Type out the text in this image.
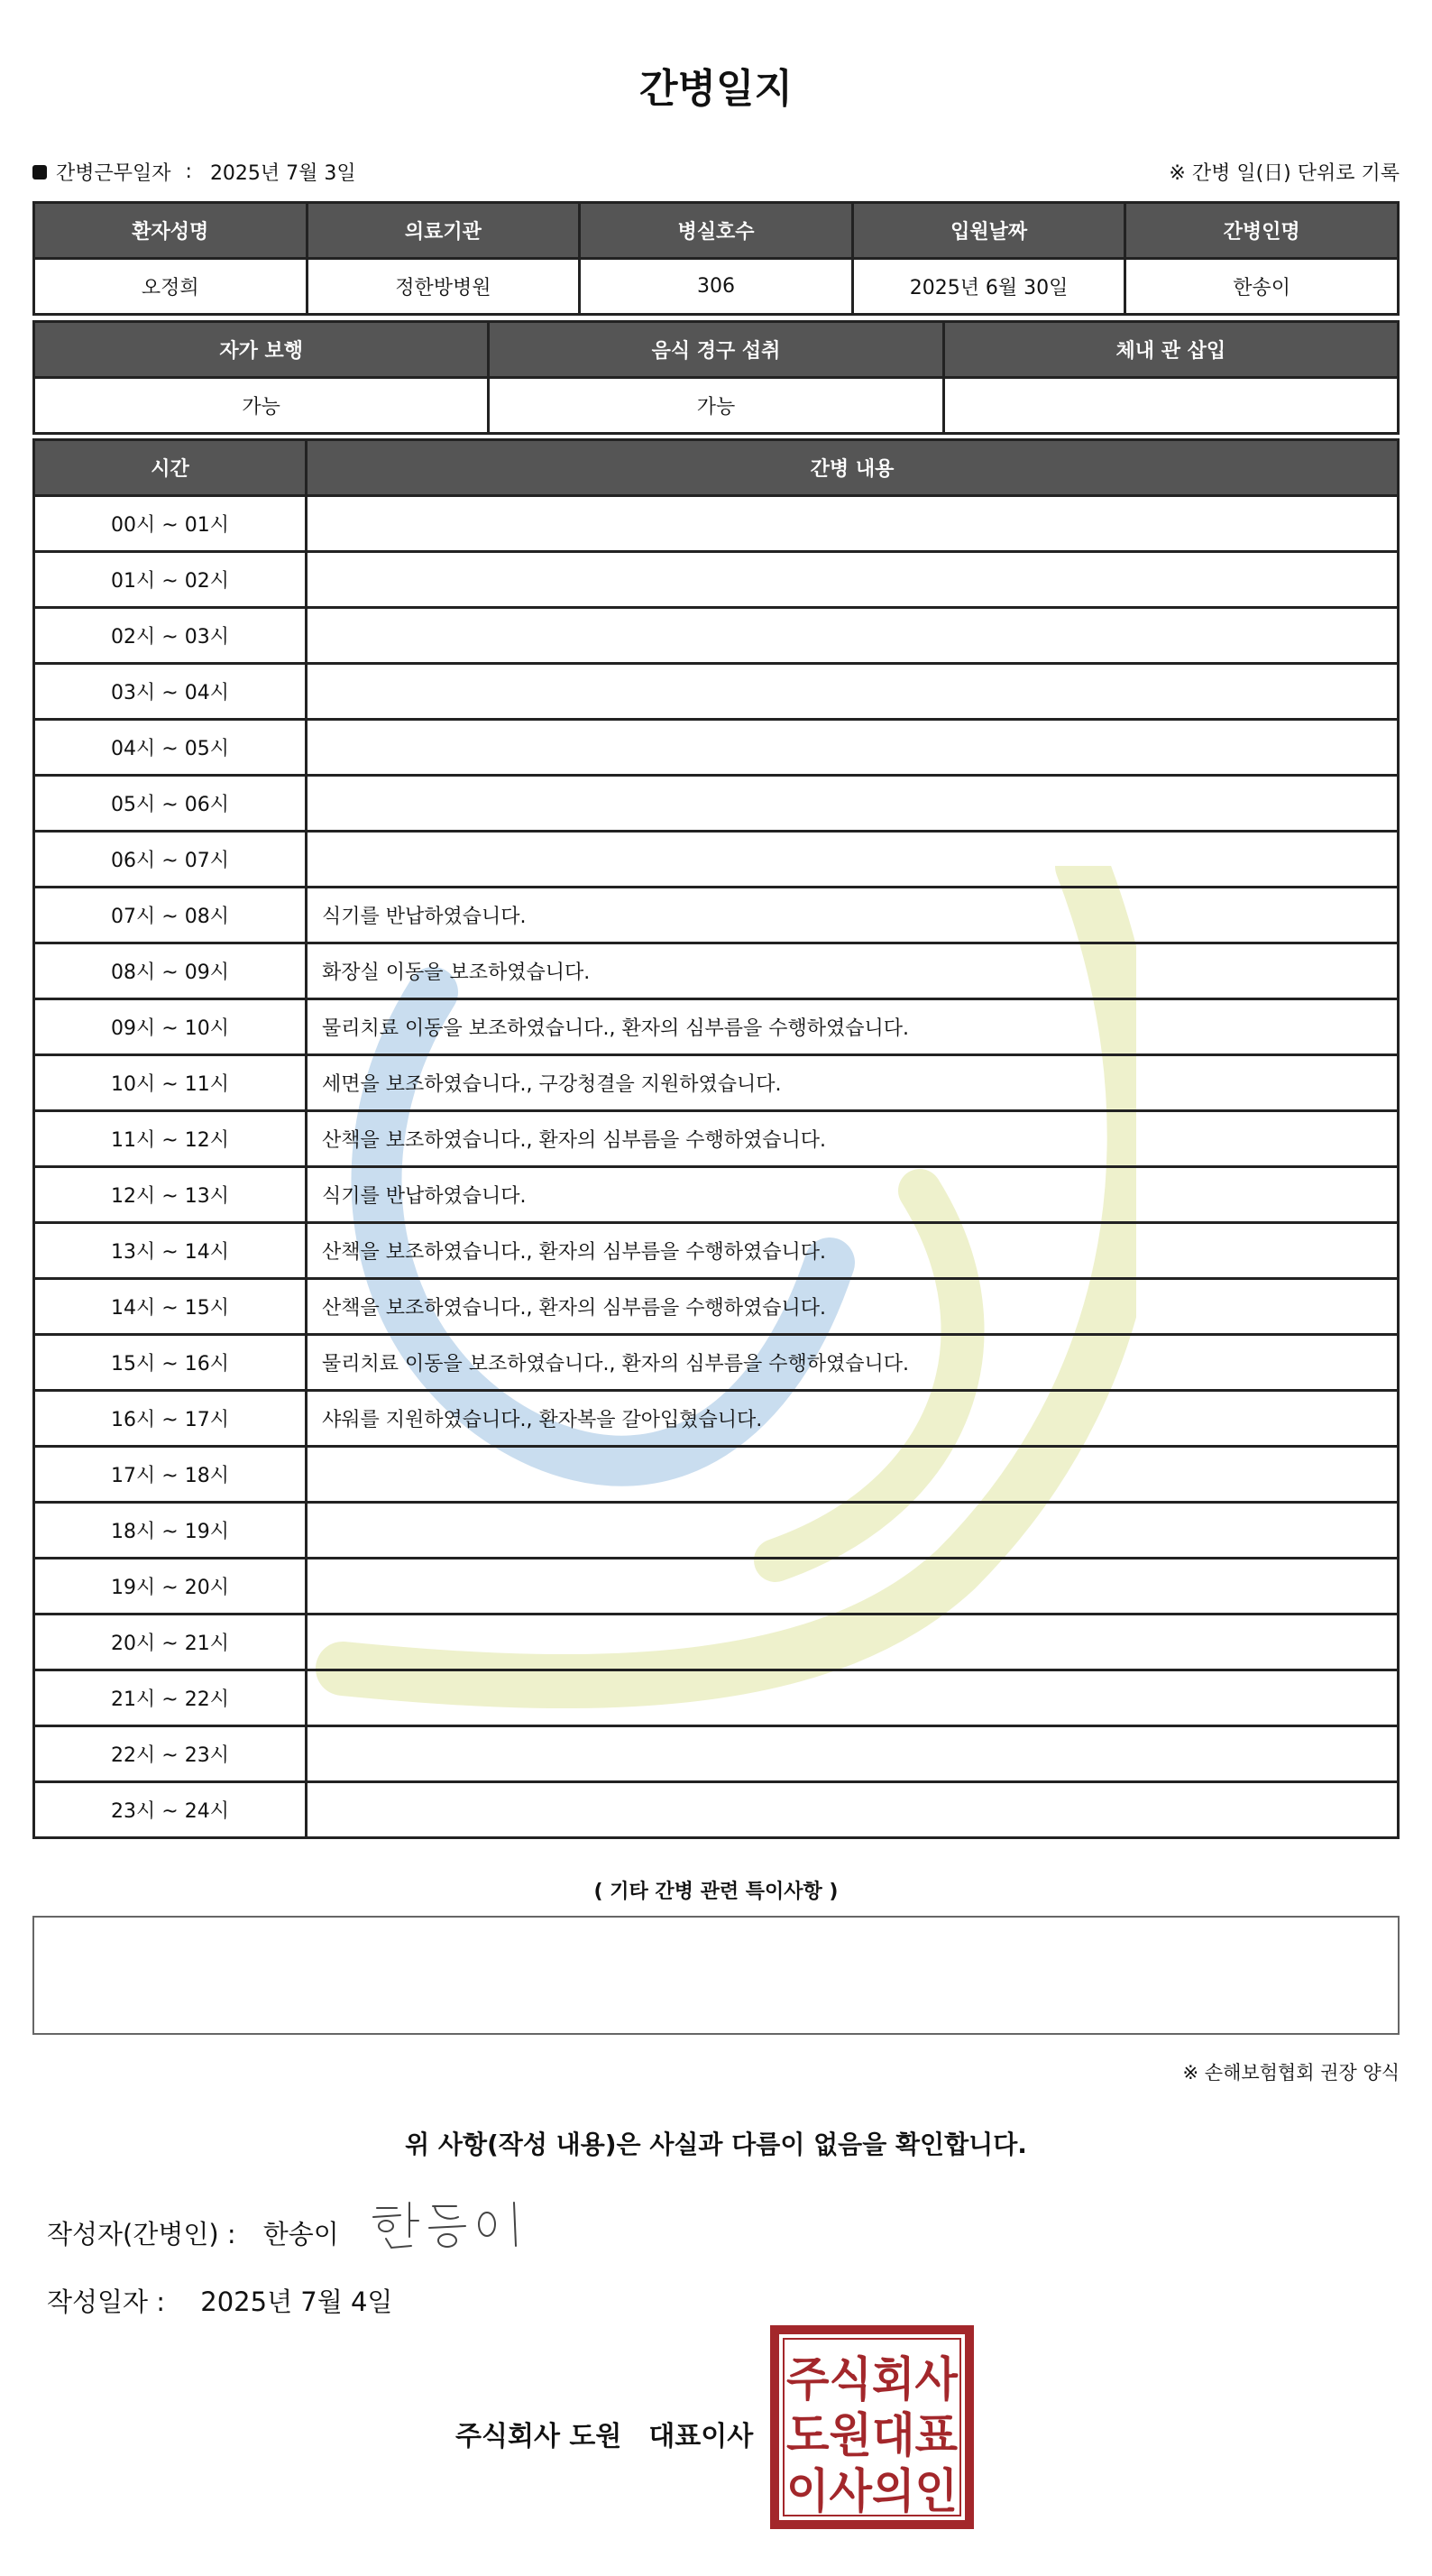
간병일지
간병근무일자 : 2025년 7월 3일	※ 간병 일(日) 단위로 기록
환자성명	의료기관	병실호수	입원날짜	간병인명
오정희	정한방병원	306	2025년 6월 30일	한송이
자가 보행	음식 경구 섭취	체내 관 삽입
가능	가능	
시간	간병 내용
00시 ~ 01시	
01시 ~ 02시	
02시 ~ 03시	
03시 ~ 04시	
04시 ~ 05시	
05시 ~ 06시	
06시 ~ 07시	
07시 ~ 08시	식기를 반납하였습니다.
08시 ~ 09시	화장실 이동을 보조하였습니다.
09시 ~ 10시	물리치료 이동을 보조하였습니다., 환자의 심부름을 수행하였습니다.
10시 ~ 11시	세면을 보조하였습니다., 구강청결을 지원하였습니다.
11시 ~ 12시	산책을 보조하였습니다., 환자의 심부름을 수행하였습니다.
12시 ~ 13시	식기를 반납하였습니다.
13시 ~ 14시	산책을 보조하였습니다., 환자의 심부름을 수행하였습니다.
14시 ~ 15시	산책을 보조하였습니다., 환자의 심부름을 수행하였습니다.
15시 ~ 16시	물리치료 이동을 보조하였습니다., 환자의 심부름을 수행하였습니다.
16시 ~ 17시	샤워를 지원하였습니다., 환자복을 갈아입혔습니다.
17시 ~ 18시	
18시 ~ 19시	
19시 ~ 20시	
20시 ~ 21시	
21시 ~ 22시	
22시 ~ 23시	
23시 ~ 24시	
( 기타 간병 관련 특이사항 )
※ 손해보험협회 권장 양식
위 사항(작성 내용)은 사실과 다름이 없음을 확인합니다.
작성자(간병인) : 한송이
작성일자 : 2025년 7월 4일
주식회사 도원 대표이사
주식회사
도원대표
이사의인
